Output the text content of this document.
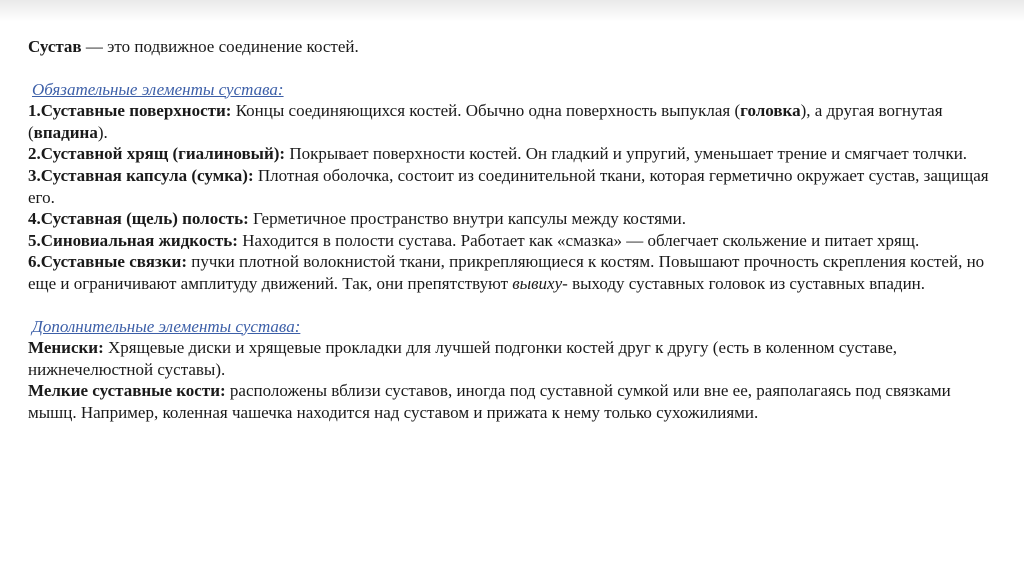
Сустав — это подвижное соединение костей.

Обязательные элементы сустава:

1.Суставные поверхности: Концы соединяющихся костей. Обычно одна поверхность выпуклая (головка), а другая вогнутая (впадина).

2.Суставной хрящ (гиалиновый): Покрывает поверхности костей. Он гладкий и упругий, уменьшает трение и смягчает толчки.

3.Суставная капсула (сумка): Плотная оболочка, состоит из соединительной ткани, которая герметично окружает сустав, защищая его.

4.Суставная (щель) полость: Герметичное пространство внутри капсулы между костями.

5.Синовиальная жидкость: Находится в полости сустава. Работает как «смазка» — облегчает скольжение и питает хрящ.

6.Суставные связки: пучки плотной волокнистой ткани, прикрепляющиеся к костям. Повышают прочность скрепления костей, но еще и ограничивают амплитуду движений. Так, они препятствуют вывиху- выходу суставных головок из суставных впадин.

Дополнительные элементы сустава:

Мениски: Хрящевые диски и хрящевые прокладки для лучшей подгонки костей друг к другу (есть в коленном суставе, нижнечелюстной суставы).

Мелкие суставные кости: расположены вблизи суставов, иногда под суставной сумкой или вне ее, раяполагаясь под связками мышц. Например, коленная чашечка находится над суставом и прижата к нему только сухожилиями.
